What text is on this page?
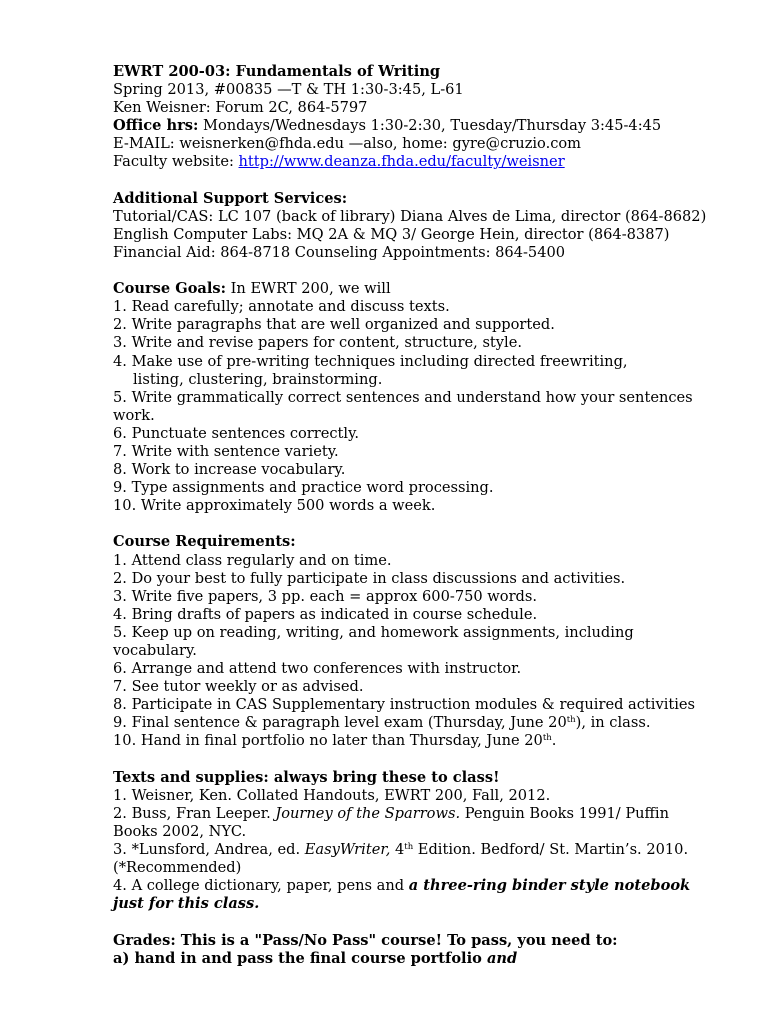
EWRT 200-03: Fundamentals of Writing
Spring 2013, #00835 —T & TH 1:30-3:45, L-61
Ken Weisner: Forum 2C, 864-5797
Office hrs: Mondays/Wednesdays 1:30-2:30, Tuesday/Thursday 3:45-4:45
E-MAIL: weisnerken@fhda.edu —also, home: gyre@cruzio.com
Faculty website: http://www.deanza.fhda.edu/faculty/weisner
Additional Support Services:
Tutorial/CAS: LC 107 (back of library) Diana Alves de Lima, director (864-8682)
English Computer Labs: MQ 2A & MQ 3/ George Hein, director (864-8387)
Financial Aid: 864-8718 Counseling Appointments: 864-5400
Course Goals: In EWRT 200, we will
1. Read carefully; annotate and discuss texts.
2. Write paragraphs that are well organized and supported.
3. Write and revise papers for content, structure, style.
4. Make use of pre-writing techniques including directed freewriting,
listing, clustering, brainstorming.
5. Write grammatically correct sentences and understand how your sentences
work.
6. Punctuate sentences correctly.
7. Write with sentence variety.
8. Work to increase vocabulary.
9. Type assignments and practice word processing.
10. Write approximately 500 words a week.
Course Requirements:
1. Attend class regularly and on time.
2. Do your best to fully participate in class discussions and activities.
3. Write five papers, 3 pp. each = approx 600-750 words.
4. Bring drafts of papers as indicated in course schedule.
5. Keep up on reading, writing, and homework assignments, including
vocabulary.
6. Arrange and attend two conferences with instructor.
7. See tutor weekly or as advised.
8. Participate in CAS Supplementary instruction modules & required activities
9. Final sentence & paragraph level exam (Thursday, June 20th), in class.
10. Hand in final portfolio no later than Thursday, June 20th.
Texts and supplies: always bring these to class!
1. Weisner, Ken. Collated Handouts, EWRT 200, Fall, 2012.
2. Buss, Fran Leeper. Journey of the Sparrows. Penguin Books 1991/ Puffin
Books 2002, NYC.
3. *Lunsford, Andrea, ed. EasyWriter, 4th Edition. Bedford/ St. Martin’s. 2010.
(*Recommended)
4. A college dictionary, paper, pens and a three-ring binder style notebook
just for this class.
Grades: This is a "Pass/No Pass" course! To pass, you need to:
a) hand in and pass the final course portfolio and
